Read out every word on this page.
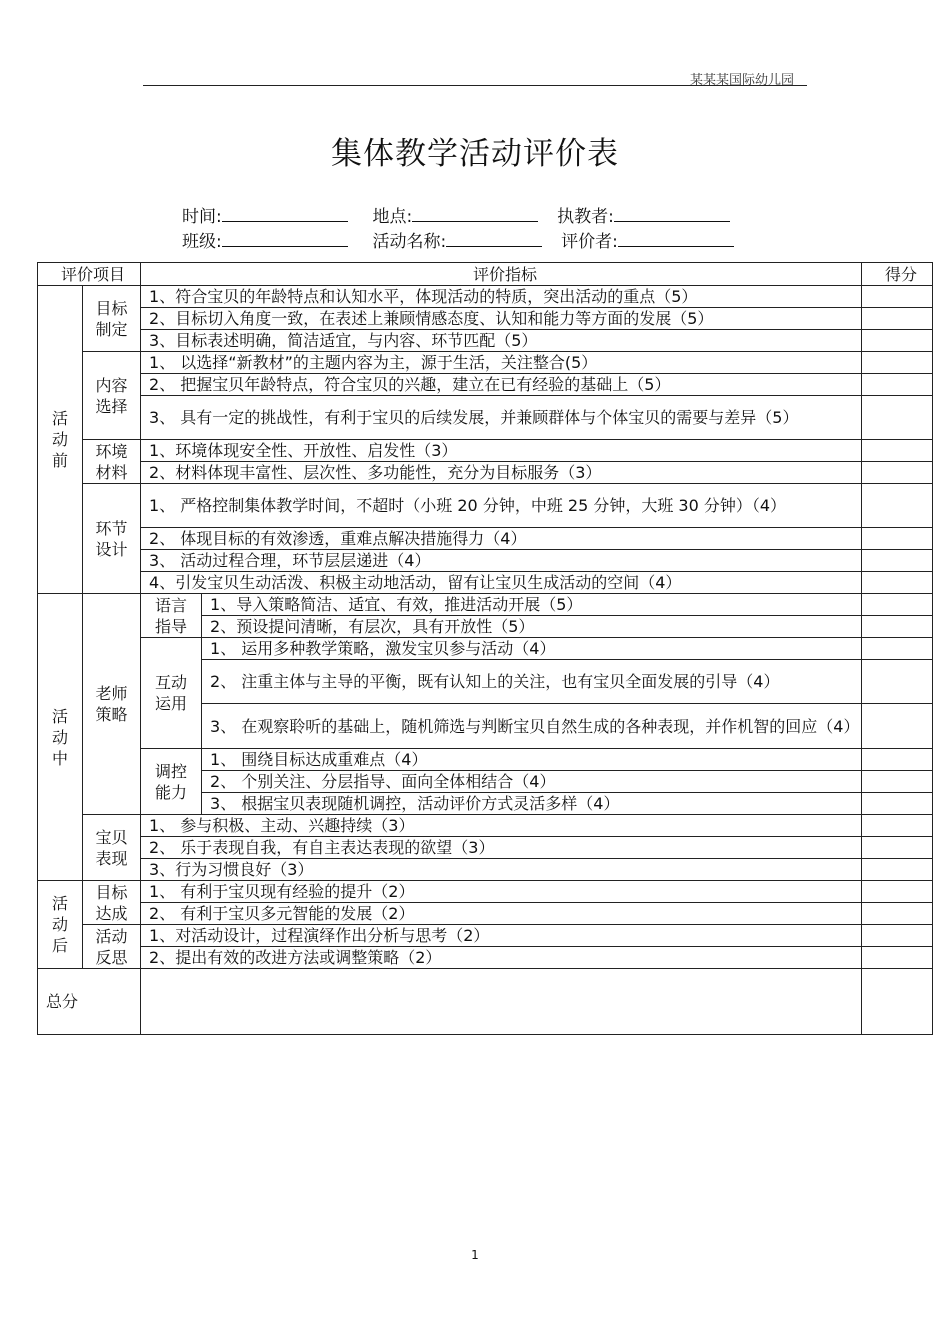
某某某国际幼儿园
集体教学活动评价表
时间:	地点:	执教者:
班级:	活动名称:	评价者:
评价项目		评价指标		得分
活动前	目标制定	1、符合宝贝的年龄特点和认知水平，体现活动的特质，突出活动的重点（5）		
		2、目标切入角度一致，在表述上兼顾情感态度、认知和能力等方面的发展（5）		
		3、目标表述明确，简洁适宜，与内容、环节匹配（5）		
	内容选择	1、 以选择“新教材”的主题内容为主，源于生活，关注整合(5）		
		2、 把握宝贝年龄特点，符合宝贝的兴趣，建立在已有经验的基础上（5）		
		3、 具有一定的挑战性，有利于宝贝的后续发展，并兼顾群体与个体宝贝的需要与差异（5）		
	环境材料	1、环境体现安全性、开放性、启发性（3）		
		2、材料体现丰富性、层次性、多功能性，充分为目标服务（3）		
	环节设计	1、 严格控制集体教学时间，不超时（小班 20 分钟，中班 25 分钟，大班 30 分钟）（4）		
		2、 体现目标的有效渗透，重难点解决措施得力（4）		
		3、 活动过程合理，环节层层递进（4）		
		4、引发宝贝生动活泼、积极主动地活动，留有让宝贝生成活动的空间（4）		
活动中	老师策略	语言指导	1、导入策略简洁、适宜、有效，推进活动开展（5）	
			2、预设提问清晰，有层次，具有开放性（5）	
		互动运用	1、 运用多种教学策略，激发宝贝参与活动（4）	
			2、 注重主体与主导的平衡，既有认知上的关注，也有宝贝全面发展的引导（4）	
			3、 在观察聆听的基础上，随机筛选与判断宝贝自然生成的各种表现，并作机智的回应（4）	
		调控能力	1、 围绕目标达成重难点（4）	
			2、 个别关注、分层指导、面向全体相结合（4）	
			3、 根据宝贝表现随机调控，活动评价方式灵活多样（4）	
	宝贝表现	1、 参与积极、主动、兴趣持续（3）		
		2、 乐于表现自我，有自主表达表现的欲望（3）		
		3、行为习惯良好（3）		
活动后	目标达成	1、 有利于宝贝现有经验的提升（2）		
		2、 有利于宝贝多元智能的发展（2）		
	活动反思	1、对活动设计，过程演绎作出分析与思考（2）		
		2、提出有效的改进方法或调整策略（2）		
总分				
1
